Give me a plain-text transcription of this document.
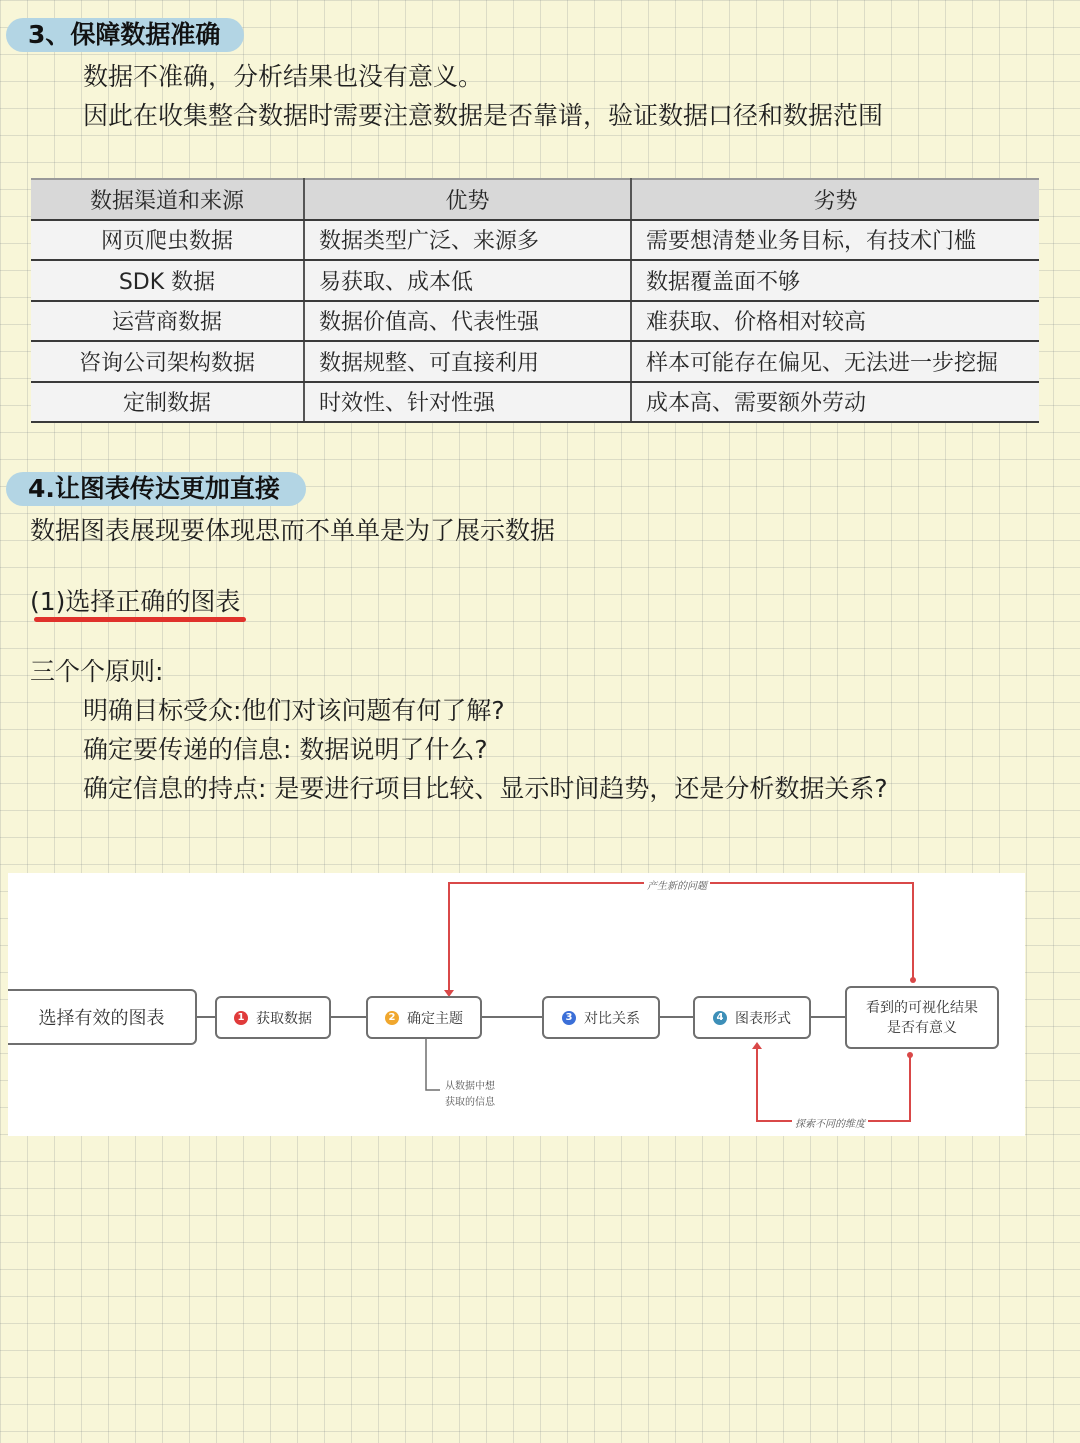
3、保障数据准确
数据不准确，分析结果也没有意义。
因此在收集整合数据时需要注意数据是否靠谱，验证数据口径和数据范围
数据渠道和来源	优势	劣势
网页爬虫数据	数据类型广泛、来源多	需要想清楚业务目标，有技术门槛
SDK 数据	易获取、成本低	数据覆盖面不够
运营商数据	数据价值高、代表性强	难获取、价格相对较高
咨询公司架构数据	数据规整、可直接利用	样本可能存在偏见、无法进一步挖掘
定制数据	时效性、针对性强	成本高、需要额外劳动
4.让图表传达更加直接
数据图表展现要体现思而不单单是为了展示数据
(1)选择正确的图表
三个个原则:
明确目标受众:他们对该问题有何了解?
确定要传递的信息: 数据说明了什么?
确定信息的持点: 是要进行项目比较、显示时间趋势，还是分析数据关系?
产生新的问题
探索不同的维度
从数据中想
获取的信息
选择有效的图表	1 获取数据	2 确定主题	3 对比关系	4 图表形式
看到的可视化结果
是否有意义
